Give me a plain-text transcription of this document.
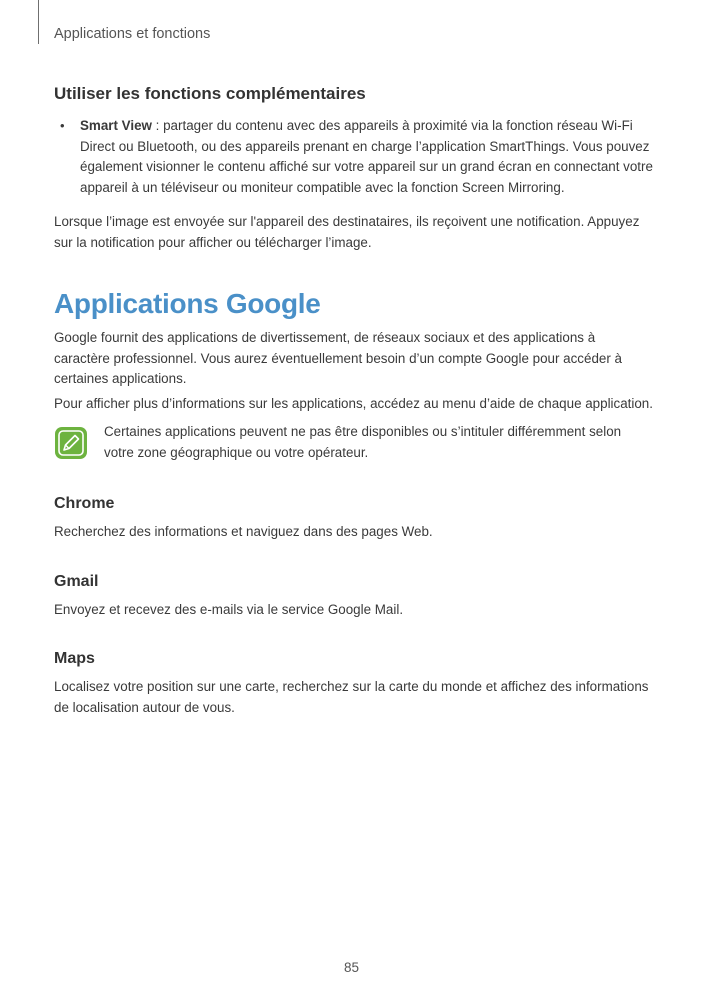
Applications et fonctions
Utiliser les fonctions complémentaires
• Smart View : partager du contenu avec des appareils à proximité via la fonction réseau Wi-Fi Direct ou Bluetooth, ou des appareils prenant en charge l’application SmartThings. Vous pouvez également visionner le contenu affiché sur votre appareil sur un grand écran en connectant votre appareil à un téléviseur ou moniteur compatible avec la fonction Screen Mirroring.

Lorsque l’image est envoyée sur l'appareil des destinataires, ils reçoivent une notification. Appuyez sur la notification pour afficher ou télécharger l’image.

Applications Google

Google fournit des applications de divertissement, de réseaux sociaux et des applications à caractère professionnel. Vous aurez éventuellement besoin d’un compte Google pour accéder à certaines applications.

Pour afficher plus d’informations sur les applications, accédez au menu d’aide de chaque application.

Certaines applications peuvent ne pas être disponibles ou s’intituler différemment selon votre zone géographique ou votre opérateur.
Chrome

Recherchez des informations et naviguez dans des pages Web.

Gmail

Envoyez et recevez des e-mails via le service Google Mail.

Maps

Localisez votre position sur une carte, recherchez sur la carte du monde et affichez des informations de localisation autour de vous.

85
